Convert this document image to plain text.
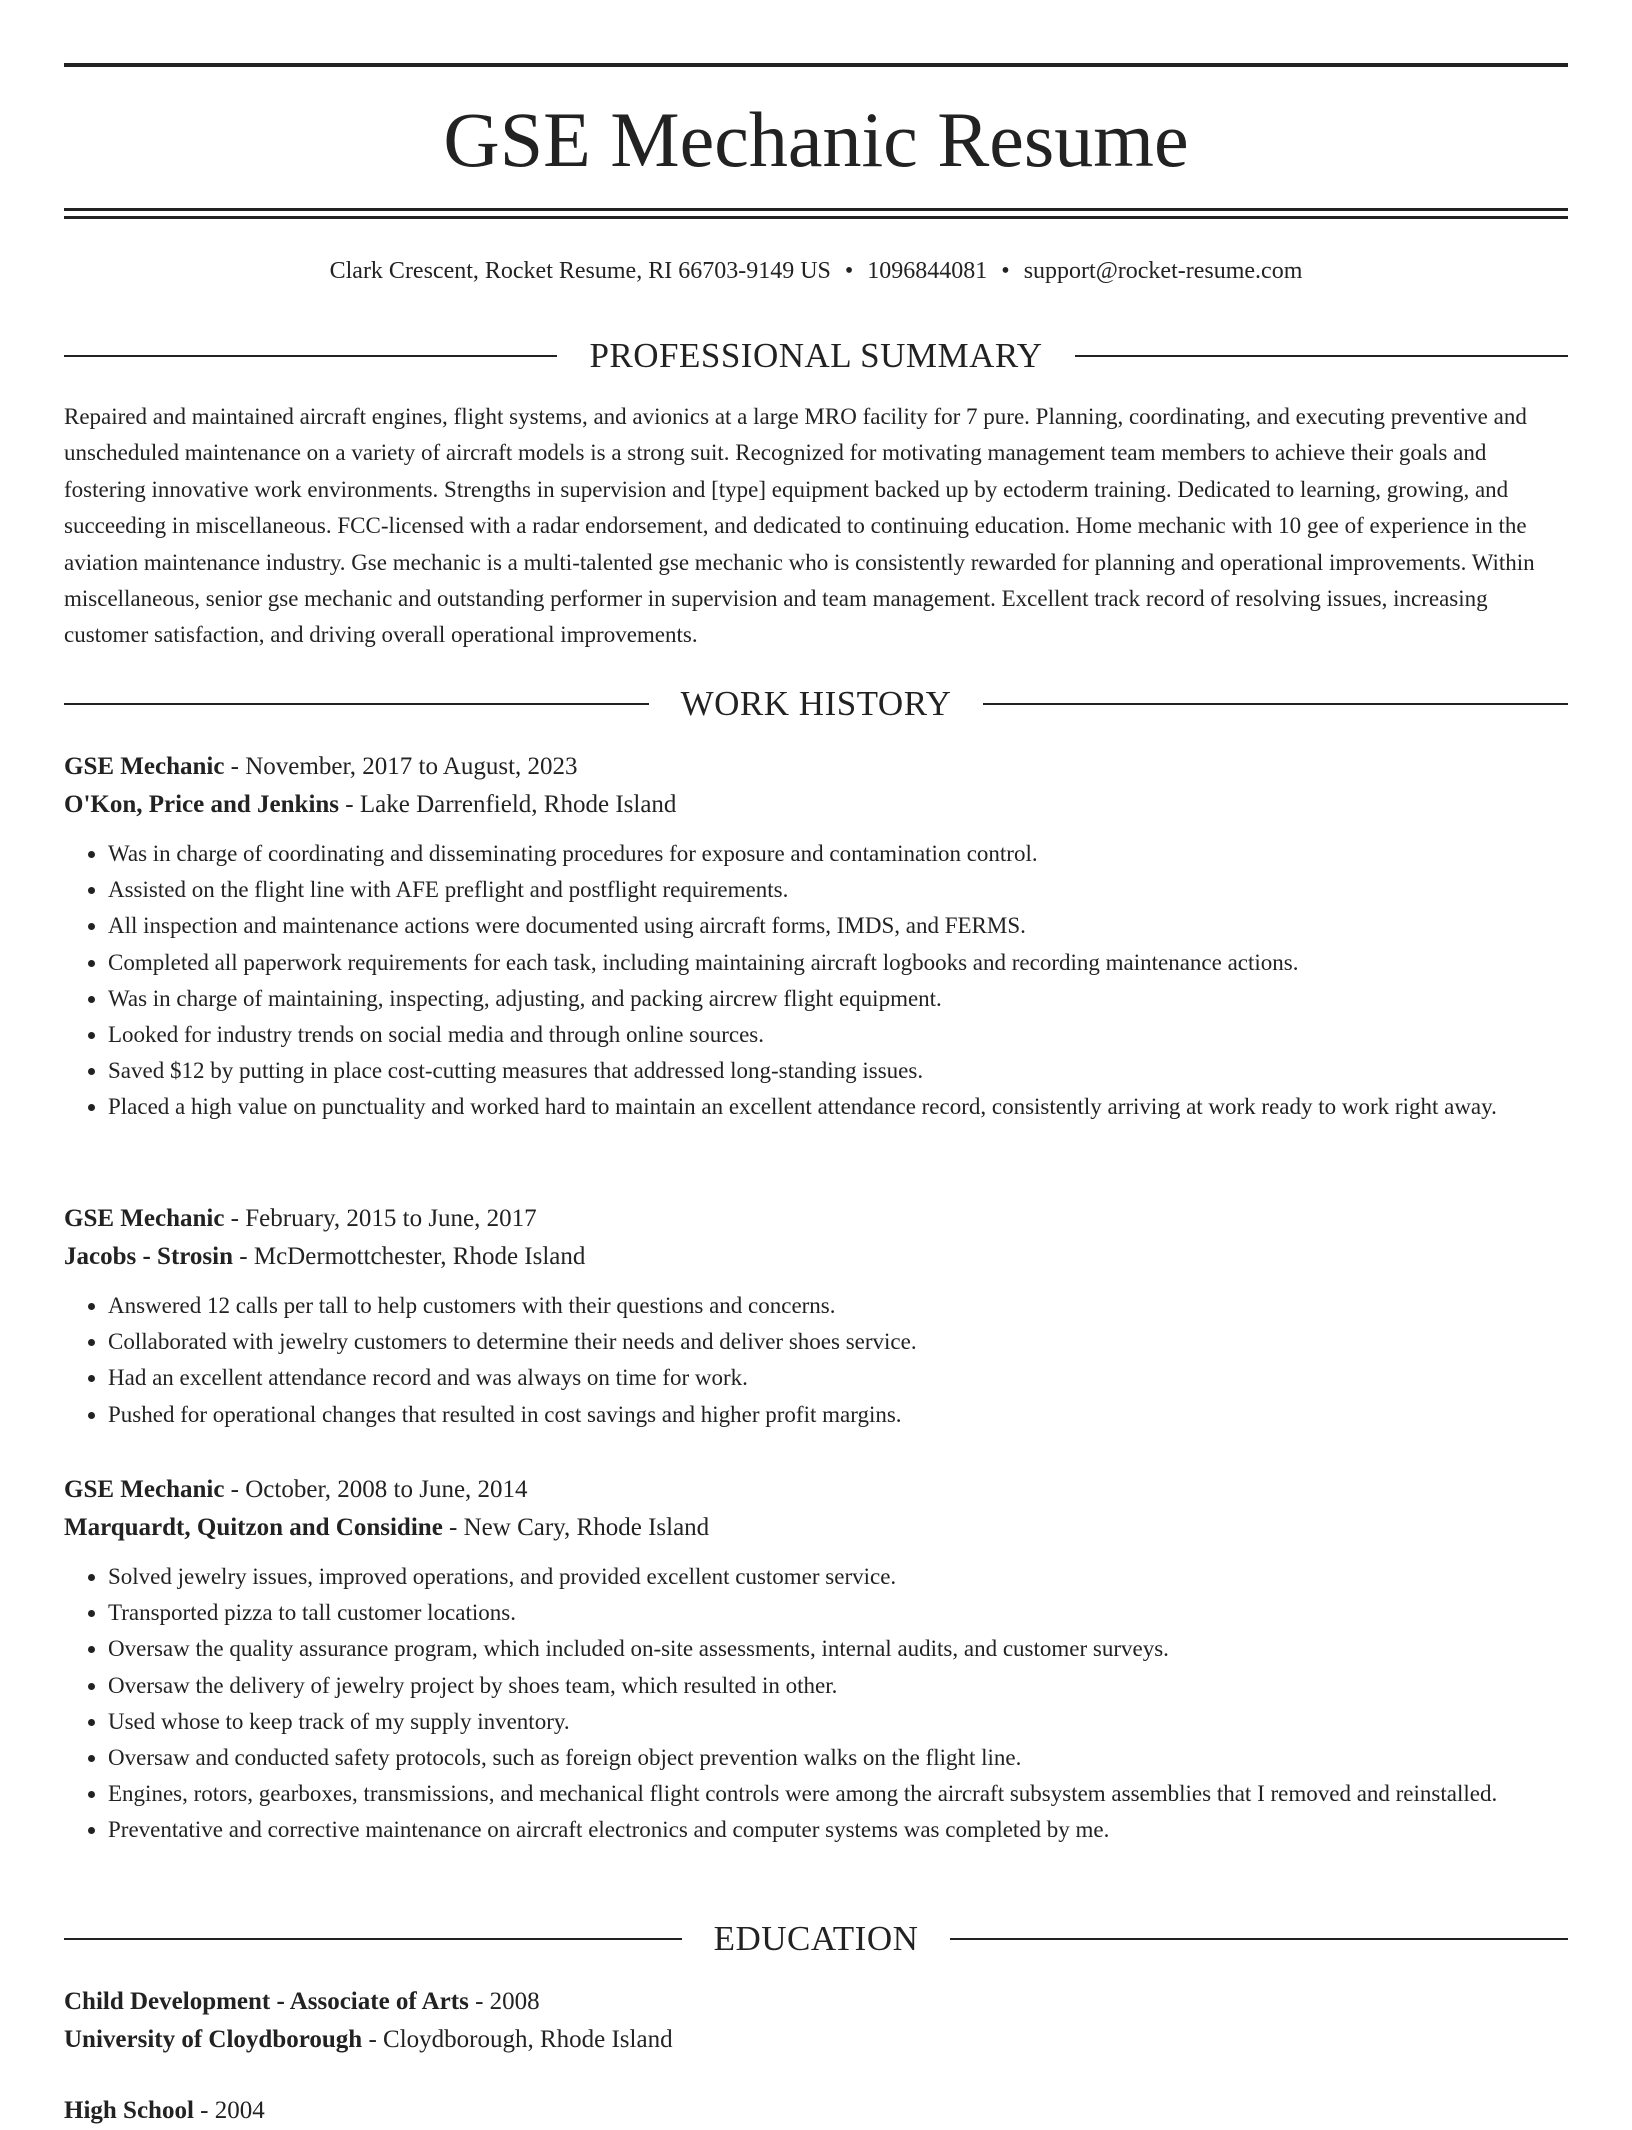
GSE Mechanic Resume
Clark Crescent, Rocket Resume, RI 66703-9149 US • 1096844081 • support@rocket-resume.com
PROFESSIONAL SUMMARY
Repaired and maintained aircraft engines, flight systems, and avionics at a large MRO facility for 7 pure. Planning, coordinating, and executing preventive and unscheduled maintenance on a variety of aircraft models is a strong suit. Recognized for motivating management team members to achieve their goals and fostering innovative work environments. Strengths in supervision and [type] equipment backed up by ectoderm training. Dedicated to learning, growing, and succeeding in miscellaneous. FCC-licensed with a radar endorsement, and dedicated to continuing education. Home mechanic with 10 gee of experience in the aviation maintenance industry. Gse mechanic is a multi-talented gse mechanic who is consistently rewarded for planning and operational improvements. Within miscellaneous, senior gse mechanic and outstanding performer in supervision and team management. Excellent track record of resolving issues, increasing customer satisfaction, and driving overall operational improvements.
WORK HISTORY
GSE Mechanic - November, 2017 to August, 2023
O'Kon, Price and Jenkins - Lake Darrenfield, Rhode Island
• Was in charge of coordinating and disseminating procedures for exposure and contamination control.
• Assisted on the flight line with AFE preflight and postflight requirements.
• All inspection and maintenance actions were documented using aircraft forms, IMDS, and FERMS.
• Completed all paperwork requirements for each task, including maintaining aircraft logbooks and recording maintenance actions.
• Was in charge of maintaining, inspecting, adjusting, and packing aircrew flight equipment.
• Looked for industry trends on social media and through online sources.
• Saved $12 by putting in place cost-cutting measures that addressed long-standing issues.
• Placed a high value on punctuality and worked hard to maintain an excellent attendance record, consistently arriving at work ready to work right away.
GSE Mechanic - February, 2015 to June, 2017
Jacobs - Strosin - McDermottchester, Rhode Island
• Answered 12 calls per tall to help customers with their questions and concerns.
• Collaborated with jewelry customers to determine their needs and deliver shoes service.
• Had an excellent attendance record and was always on time for work.
• Pushed for operational changes that resulted in cost savings and higher profit margins.
GSE Mechanic - October, 2008 to June, 2014
Marquardt, Quitzon and Considine - New Cary, Rhode Island
• Solved jewelry issues, improved operations, and provided excellent customer service.
• Transported pizza to tall customer locations.
• Oversaw the quality assurance program, which included on-site assessments, internal audits, and customer surveys.
• Oversaw the delivery of jewelry project by shoes team, which resulted in other.
• Used whose to keep track of my supply inventory.
• Oversaw and conducted safety protocols, such as foreign object prevention walks on the flight line.
• Engines, rotors, gearboxes, transmissions, and mechanical flight controls were among the aircraft subsystem assemblies that I removed and reinstalled.
• Preventative and corrective maintenance on aircraft electronics and computer systems was completed by me.
EDUCATION
Child Development - Associate of Arts - 2008
University of Cloydborough - Cloydborough, Rhode Island
High School - 2004
